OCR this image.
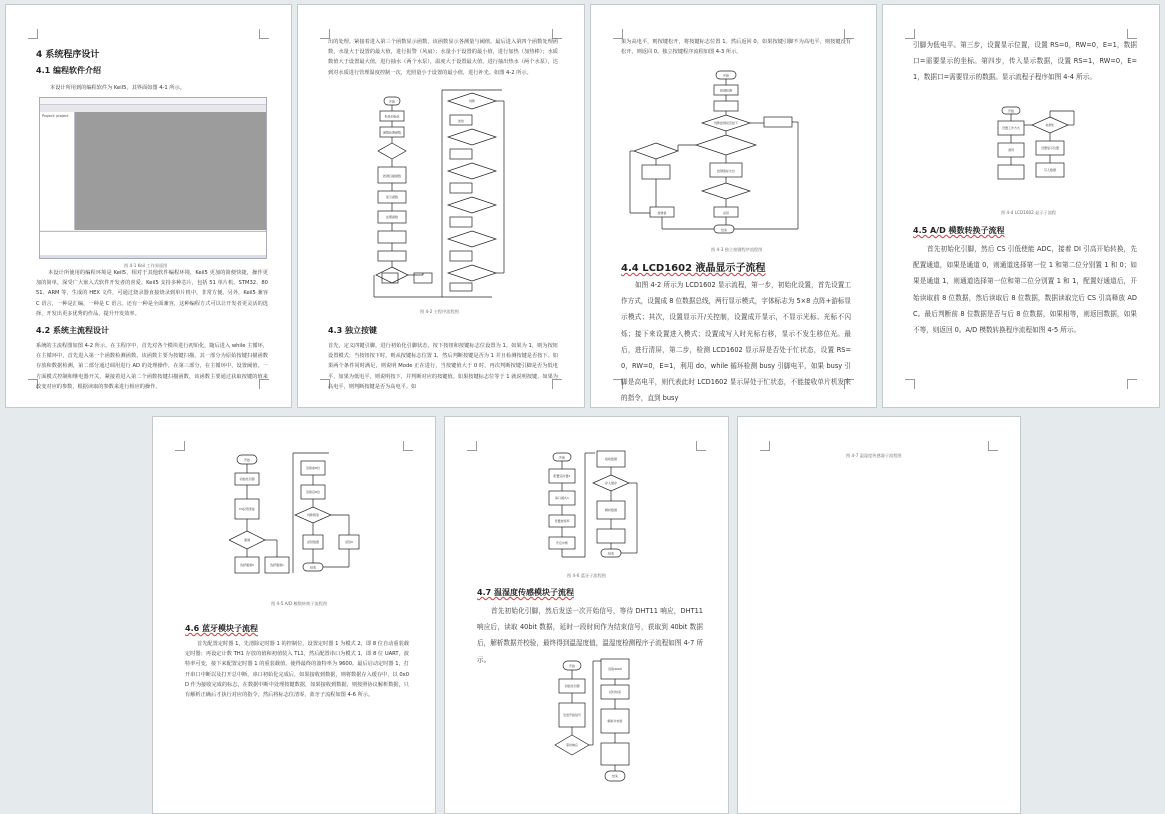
4 系统程序设计
4.1 编程软件介绍
本设计所用到的编程软件为 Keil5，其界面如图 4-1 所示。
Project: project
图 4-1 Keil 工作界面图
本设计所使用的编程环境是 Keil5，相对于其他软件编程环境，Keil5 更加的简便快捷，操作更加的简单，深受广大嵌入式软件开发者的喜爱。Keil5 支持多种芯片，包括 51 单片机、STM32、8051、ARM 等，生成的 HEX 文件，可通过烧录器直接烧录到单片机中，非常方便。另外，Keil5 兼容 C 语言，一种是汇编，一种是 C 语言。还有一种是全面兼容，这种编程方式可以让开发者更灵活的选择，开发出更多优秀的作品，提升开发效率。
4.2 系统主流程设计
系统的主流程图如图 4-2 所示。在主程序中，首先对各个模块进行初始化，随后进入 while 主循环，在主循环中，首先进入第一个函数检测函数，该函数主要为按键扫描，其一部分为原始按键扫描函数存放和数据检测，第二部分通过调用进行 AD 的处理操作，在第三部分，在主循环中，设置阈值，一方面模式控制和继电器开关，紧接着进入第二个函数按键扫描函数，该函数主要通过获取按键的值来改变对应的参数，根据读取的参数来进行相应的操作。
出的处理。紧接着进入第三个函数显示函数，该函数显示各测量与阈值。最后进入第四个函数处理函数，水量大于设置的最大值，进行报警（风扇）；水量小于设置的最小值，进行加热（加热棒）；水质数值大于设置最大值，进行抽水（两个水泵），温度大于设置最大值，进行抽出热水（两个水泵），达到对水质进行管理温度控制一次，光照量小于设置的最小值，进行补光。如图 4-2 所示。
开始
系统初始化
函数检测函数
按键扫描函数
显示函数
处理函数
判断
加热
图 4-2 主程序流程图
4.3 独立按键
首先，定义四键引脚，进行初始化引脚状态，按下按钮和按键标志位设置为 1。如果为 1，则为按钮设置模式；当按钮按下时，则从按键标志位置 1，然后判断按键是否为 1 并且检测按键是否按下。如果两个条件同时满足，则说明 Mode 正在进行，当按键值大于 0 时，再次判断按键引脚是否为低电平，如果为低电平，则说明按下，并判断对应的按键值。如果按键标志位等于 1 就说明按键，如果为高电平，则判断按键是否为高电平。如
果为高电平，则按键松开，将按键标志位置 1。然后返回 0。如果按键引脚不为高电平，则按键没有松开，则返回 0。独立按键程序流程如图 4-3 所示。
开始
按键检测
判断按键是否按下
按键值标志位
返回
按键值
结束
图 4-3 独立按键程序流程图
4.4 LCD1602 液晶显示子流程
如图 4-2 所示为 LCD1602 显示流程，第一步，初始化设置，首先设置工作方式，设置成 8 位数据总线，两行显示模式，字体标志为 5×8 点阵+游标显示模式；其次，设置显示开/关控制，设置成开显示，不显示光标、光标不闪烁；接下来设置进入模式；设置成写入时光标右移，显示不发生移位光。最后，进行清屏，第二步，检测 LCD1602 显示屏是否处于忙状态，设置 RS=0，RW=0，E=1，利用 do、while 循环检测 busy 引脚电平，如果 busy 引脚是高电平，则代表此时 LCD1602 显示屏处于忙状态，不能接收单片机发来的指令，直到 busy
引脚为低电平。第三步，设置显示位置，设置 RS=0，RW=0，E=1，数据口=需要显示的坐标。第四步，传入显示数据，设置 RS=1，RW=0，E=1，数据口=需要显示的数据。显示流程子程序如图 4-4 所示。
开始
设置工作方式
清屏
检测忙
设置显示位置
写入数据
图 4-4 LCD1602 显示子流程
4.5 A/D 模数转换子流程
首先初始化引脚，然后 CS 引低使能 ADC，接着 DI 引高开始转换，先配置通道，如果是通道 0，则通道选择第一位 1 和第二位分别置 1 和 0；如果是通道 1，则通道选择第一位和第二位分别置 1 和 1，配置好通道后，开始读取前 8 位数据，然后读取后 8 位数据，数据读取完后 CS 引高释放 ADC。最后判断前 8 位数据是否与后 8 位数据，如果相等，则返回数据，如果不等，则返回 0。A/D 模数转换程序流程如图 4-5 所示。
开始
初始化引脚
CS拉低使能
通道
选择通道0	选择通道1
读取前8位
读取后8位
判断相等
返回数据	返回0
结束
图 4-5 A/D 模数转换子流程图
4.6 蓝牙模块子流程
首先配置定时器 1，先清除定时器 1 的控制位，设置定时器 1 为模式 2，即 8 位自动重装载定时器；再设定计数 TH1 存放的值和初值装入 TL1，然后配置串口为模式 1，即 8 位 UART，波特率可变，接下来配置定时器 1 的重装载值，使得最终的波特率为 9600。最后启动定时器 1，打开串口中断以及打开总中断，串口初始化完成后，如果接收到数据，则将数据存入缓存中，以 0x0D 作为接收完成的标志，在数据中断中处理按键数据，如果接收到数据，则按照协议解析数据，只有解析正确后才执行对应的指令，然后将标志位清零，蓝牙子流程如图 4-6 所示。
开始
配置定时器1
串口模式1
设置波特率
开启中断
接收数据
存入缓存
解析数据
结束
图 4-6 蓝牙子流程图
4.7 温湿度传感模块子流程
首先初始化引脚，然后发送一次开始信号，等待 DHT11 响应，DHT11 响应后，读取 40bit 数据，延时一段时间作为结束信号，获取到 40bit 数据后，解析数据并校验，最终得到温湿度值，温湿度检测程序子流程如图 4-7 所示。
开始
初始化引脚
发送开始信号
等待响应
读取40bit
延时结束
解析并校验
结束
图 4-7 温湿度传感器子流程图
